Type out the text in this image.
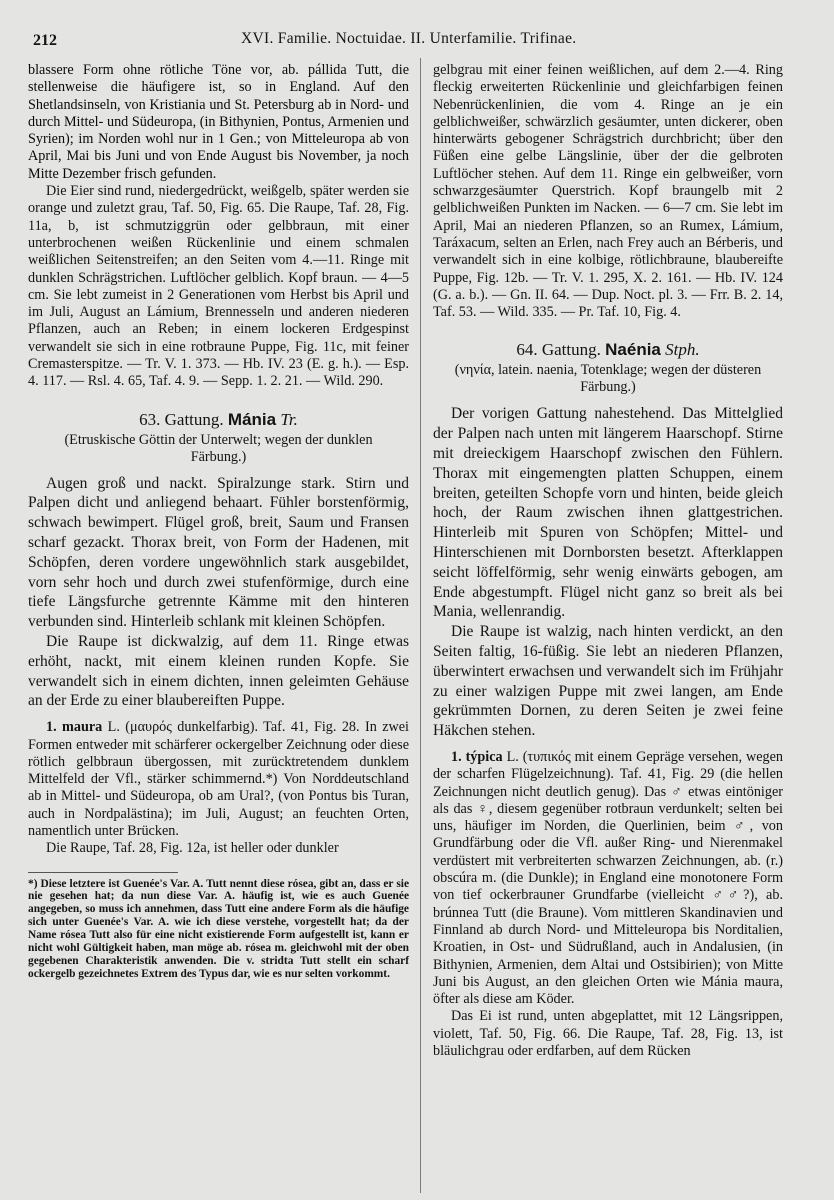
212	XVI. Familie. Noctuidae. II. Unterfamilie. Trifinae.

blassere Form ohne rötliche Töne vor, ab. pállida Tutt, die stellenweise die häufigere ist, so in England. Auf den Shetlandsinseln, von Kristiania und St. Petersburg ab in Nord- und durch Mittel- und Südeuropa, (in Bithynien, Pontus, Armenien und Syrien); im Norden wohl nur in 1 Gen.; von Mitteleuropa ab von April, Mai bis Juni und von Ende August bis November, ja noch Mitte Dezember frisch gefunden.

Die Eier sind rund, niedergedrückt, weißgelb, später werden sie orange und zuletzt grau, Taf. 50, Fig. 65. Die Raupe, Taf. 28, Fig. 11a, b, ist schmutziggrün oder gelbbraun, mit einer unterbrochenen weißen Rückenlinie und einem schmalen weißlichen Seitenstreifen; an den Seiten vom 4.—11. Ringe mit dunklen Schrägstrichen. Luftlöcher gelblich. Kopf braun. — 4—5 cm. Sie lebt zumeist in 2 Generationen vom Herbst bis April und im Juli, August an Lámium, Brennesseln und anderen niederen Pflanzen, auch an Reben; in einem lockeren Erdgespinst verwandelt sie sich in eine rotbraune Puppe, Fig. 11c, mit feiner Cremasterspitze. — Tr. V. 1. 373. — Hb. IV. 23 (E. g. h.). — Esp. 4. 117. — Rsl. 4. 65, Taf. 4. 9. — Sepp. 1. 2. 21. — Wild. 290.

63. Gattung. Mánia Tr.
(Etruskische Göttin der Unterwelt; wegen der dunklen Färbung.)

Augen groß und nackt. Spiralzunge stark. Stirn und Palpen dicht und anliegend behaart. Fühler borstenförmig, schwach bewimpert. Flügel groß, breit, Saum und Fransen scharf gezackt. Thorax breit, von Form der Hadenen, mit Schöpfen, deren vordere ungewöhnlich stark ausgebildet, vorn sehr hoch und durch zwei stufenförmige, durch eine tiefe Längsfurche getrennte Kämme mit den hinteren verbunden sind. Hinterleib schlank mit kleinen Schöpfen.

Die Raupe ist dickwalzig, auf dem 11. Ringe etwas erhöht, nackt, mit einem kleinen runden Kopfe. Sie verwandelt sich in einem dichten, innen geleimten Gehäuse an der Erde zu einer blaubereiften Puppe.

1. maura L. (μαυρός dunkelfarbig). Taf. 41, Fig. 28. In zwei Formen entweder mit schärferer ockergelber Zeichnung oder diese rötlich gelbbraun übergossen, mit zurücktretendem dunklem Mittelfeld der Vfl., stärker schimmernd.*) Von Norddeutschland ab in Mittel- und Südeuropa, ob am Ural?, (von Pontus bis Turan, auch in Nordpalästina); im Juli, August; an feuchten Orten, namentlich unter Brücken.

Die Raupe, Taf. 28, Fig. 12a, ist heller oder dunkler

*) Diese letztere ist Guenée's Var. A. Tutt nennt diese rósea, gibt an, dass er sie nie gesehen hat; da nun diese Var. A. häufig ist, wie es auch Guenée angegeben, so muss ich annehmen, dass Tutt eine andere Form als die häufige sich unter Guenée's Var. A. wie ich diese verstehe, vorgestellt hat; da der Name rósea Tutt also für eine nicht existierende Form aufgestellt ist, kann er nicht wohl Gültigkeit haben, man möge ab. rósea m. gleichwohl mit der oben gegebenen Charakteristik anwenden. Die v. stridta Tutt stellt ein scharf ockergelb gezeichnetes Extrem des Typus dar, wie es nur selten vorkommt.

gelbgrau mit einer feinen weißlichen, auf dem 2.—4. Ring fleckig erweiterten Rückenlinie und gleichfarbigen feinen Nebenrückenlinien, die vom 4. Ringe an je ein gelblichweißer, schwärzlich gesäumter, unten dickerer, oben hinterwärts gebogener Schrägstrich durchbricht; über den Füßen eine gelbe Längslinie, über der die gelbroten Luftlöcher stehen. Auf dem 11. Ringe ein gelbweißer, vorn schwarzgesäumter Querstrich. Kopf braungelb mit 2 gelblichweißen Punkten im Nacken. — 6—7 cm. Sie lebt im April, Mai an niederen Pflanzen, so an Rumex, Lámium, Taráxacum, selten an Erlen, nach Frey auch an Bérberis, und verwandelt sich in eine kolbige, rötlichbraune, blaubereifte Puppe, Fig. 12b. — Tr. V. 1. 295, X. 2. 161. — Hb. IV. 124 (G. a. b.). — Gn. II. 64. — Dup. Noct. pl. 3. — Frr. B. 2. 14, Taf. 53. — Wild. 335. — Pr. Taf. 10, Fig. 4.

64. Gattung. Naénia Stph.
(νηνία, latein. naenia, Totenklage; wegen der düsteren Färbung.)

Der vorigen Gattung nahestehend. Das Mittelglied der Palpen nach unten mit längerem Haarschopf. Stirne mit dreieckigem Haarschopf zwischen den Fühlern. Thorax mit eingemengten platten Schuppen, einem breiten, geteilten Schopfe vorn und hinten, beide gleich hoch, der Raum zwischen ihnen glattgestrichen. Hinterleib mit Spuren von Schöpfen; Mittel- und Hinterschienen mit Dornborsten besetzt. Afterklappen seicht löffelförmig, sehr wenig einwärts gebogen, am Ende abgestumpft. Flügel nicht ganz so breit als bei Mania, wellenrandig.

Die Raupe ist walzig, nach hinten verdickt, an den Seiten faltig, 16-füßig. Sie lebt an niederen Pflanzen, überwintert erwachsen und verwandelt sich im Frühjahr zu einer walzigen Puppe mit zwei langen, am Ende gekrümmten Dornen, zu deren Seiten je zwei feine Häkchen stehen.

1. týpica L. (τυπικός mit einem Gepräge versehen, wegen der scharfen Flügelzeichnung). Taf. 41, Fig. 29 (die hellen Zeichnungen nicht deutlich genug). Das ♂ etwas eintöniger als das ♀, diesem gegenüber rotbraun verdunkelt; selten bei uns, häufiger im Norden, die Querlinien, beim ♂, von Grundfärbung oder die Vfl. außer Ring- und Nierenmakel verdüstert mit verbreiterten schwarzen Zeichnungen, ab. (r.) obscúra m. (die Dunkle); in England eine monotonere Form von tief ockerbrauner Grundfarbe (vielleicht ♂♂?), ab. brúnnea Tutt (die Braune). Vom mittleren Skandinavien und Finnland ab durch Nord- und Mitteleuropa bis Norditalien, Kroatien, in Ost- und Südrußland, auch in Andalusien, (in Bithynien, Armenien, dem Altai und Ostsibirien); von Mitte Juni bis August, an den gleichen Orten wie Mánia maura, öfter als diese am Köder.

Das Ei ist rund, unten abgeplattet, mit 12 Längsrippen, violett, Taf. 50, Fig. 66. Die Raupe, Taf. 28, Fig. 13, ist bläulichgrau oder erdfarben, auf dem Rücken
